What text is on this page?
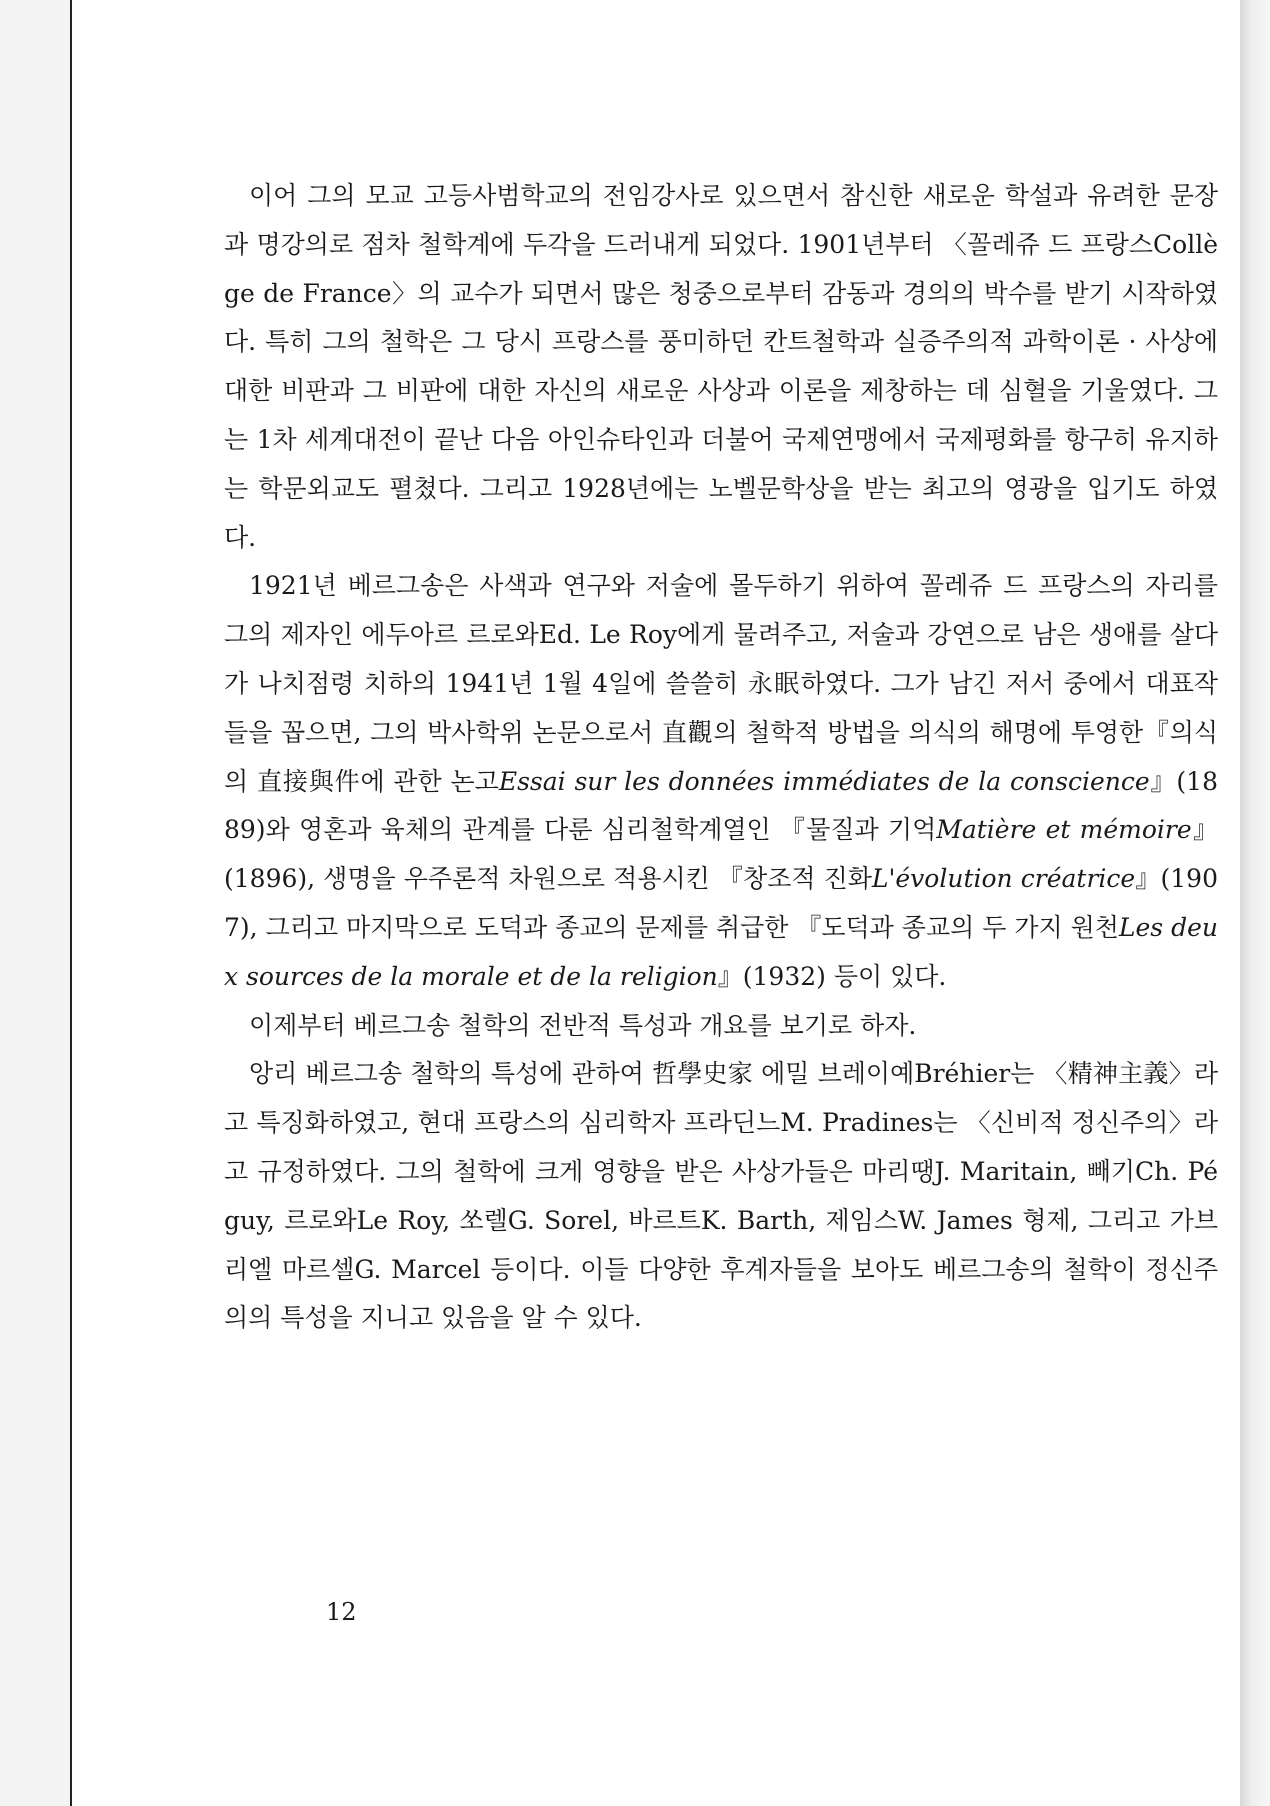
이어 그의 모교 고등사범학교의 전임강사로 있으면서 참신한 새로운 학설과 유려한 문장과 명강의로 점차 철학계에 두각을 드러내게 되었다. 1901년부터 〈꼴레쥬 드 프랑스Collège de France〉의 교수가 되면서 많은 청중으로부터 감동과 경의의 박수를 받기 시작하였다. 특히 그의 철학은 그 당시 프랑스를 풍미하던 칸트철학과 실증주의적 과학이론 · 사상에 대한 비판과 그 비판에 대한 자신의 새로운 사상과 이론을 제창하는 데 심혈을 기울였다. 그는 1차 세계대전이 끝난 다음 아인슈타인과 더불어 국제연맹에서 국제평화를 항구히 유지하는 학문외교도 펼쳤다. 그리고 1928년에는 노벨문학상을 받는 최고의 영광을 입기도 하였다.

1921년 베르그송은 사색과 연구와 저술에 몰두하기 위하여 꼴레쥬 드 프랑스의 자리를 그의 제자인 에두아르 르로와Ed. Le Roy에게 물려주고, 저술과 강연으로 남은 생애를 살다가 나치점령 치하의 1941년 1월 4일에 쓸쓸히 永眠하였다. 그가 남긴 저서 중에서 대표작들을 꼽으면, 그의 박사학위 논문으로서 直觀의 철학적 방법을 의식의 해명에 투영한『의식의 直接與件에 관한 논고Essai sur les données immédiates de la conscience』(1889)와 영혼과 육체의 관계를 다룬 심리철학계열인 『물질과 기억Matière et mémoire』(1896), 생명을 우주론적 차원으로 적용시킨 『창조적 진화L'évolution créatrice』(1907), 그리고 마지막으로 도덕과 종교의 문제를 취급한 『도덕과 종교의 두 가지 원천Les deux sources de la morale et de la religion』(1932) 등이 있다.

이제부터 베르그송 철학의 전반적 특성과 개요를 보기로 하자.

앙리 베르그송 철학의 특성에 관하여 哲學史家 에밀 브레이예Bréhier는 〈精神主義〉라고 특징화하였고, 현대 프랑스의 심리학자 프라딘느M. Pradines는 〈신비적 정신주의〉라고 규정하였다. 그의 철학에 크게 영향을 받은 사상가들은 마리땡J. Maritain, 빼기Ch. Péguy, 르로와Le Roy, 쏘렐G. Sorel, 바르트K. Barth, 제임스W. James 형제, 그리고 가브리엘 마르셀G. Marcel 등이다. 이들 다양한 후계자들을 보아도 베르그송의 철학이 정신주의의 특성을 지니고 있음을 알 수 있다.

12
